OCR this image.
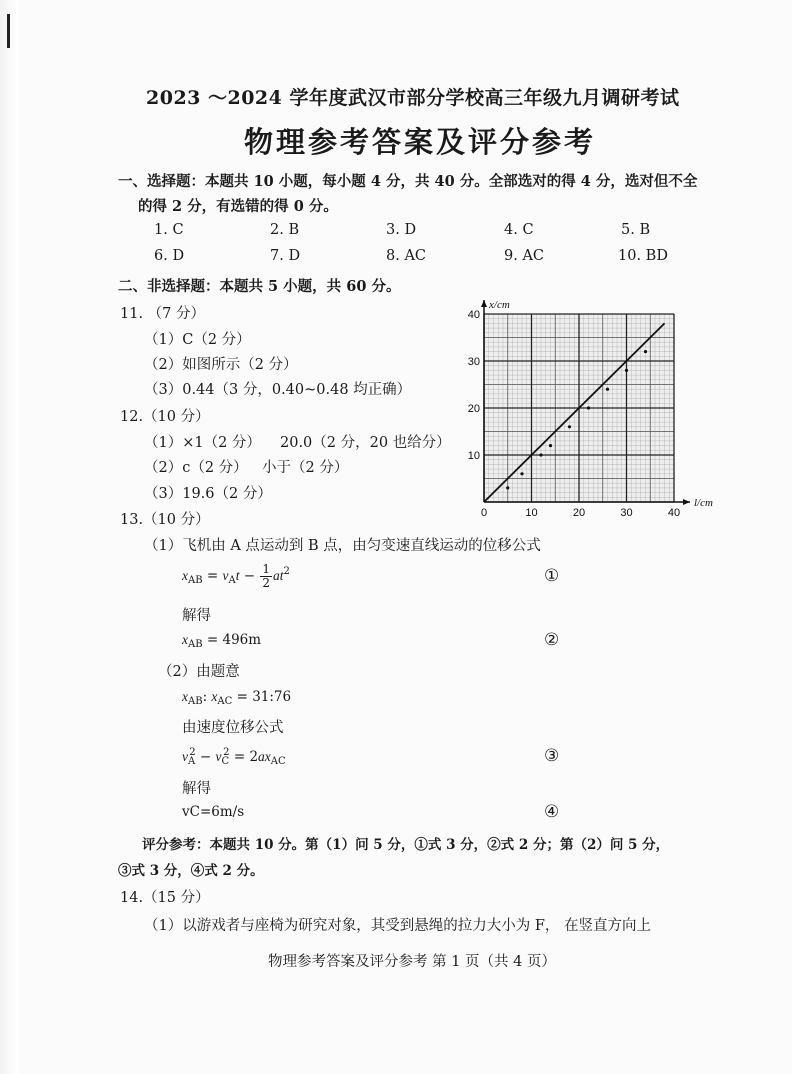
2023 ～2024 学年度武汉市部分学校高三年级九月调研考试
物理参考答案及评分参考
一、选择题：本题共 10 小题，每小题 4 分，共 40 分。全部选对的得 4 分，选对但不全
的得 2 分，有选错的得 0 分。
1. C	2. B	3. D	4. C	5. B
6. D	7. D	8. AC	9. AC	10. BD
二、非选择题：本题共 5 小题，共 60 分。
11. （7 分）
（1）C（2 分）
（2）如图所示（2 分）
（3）0.44（3 分，0.40~0.48 均正确）
12.（10 分）
（1）×1（2 分） 20.0（2 分，20 也给分）
（2）c（2 分） 小于（2 分）
（3）19.6（2 分）
0	10	20	30	40
10
20
30
40
l/cm
x/cm
13.（10 分）
（1）飞机由 A 点运动到 B 点，由匀变速直线运动的位移公式
$x_{AB} = v_At - \frac{1}{2} at^2$	①
解得
$x_{AB} = 496m$	②
（2）由题意
$x_{AB}$: $x_{AC}$ = 31:76
由速度位移公式
$v_A^2 - v_C^2 = 2ax_{AC}$	③
解得
vC=6m/s	④
评分参考：本题共 10 分。第（1）问 5 分，①式 3 分，②式 2 分；第（2）问 5 分，
③式 3 分，④式 2 分。
14.（15 分）
（1）以游戏者与座椅为研究对象，其受到悬绳的拉力大小为 F， 在竖直方向上
物理参考答案及评分参考 第 1 页（共 4 页）
